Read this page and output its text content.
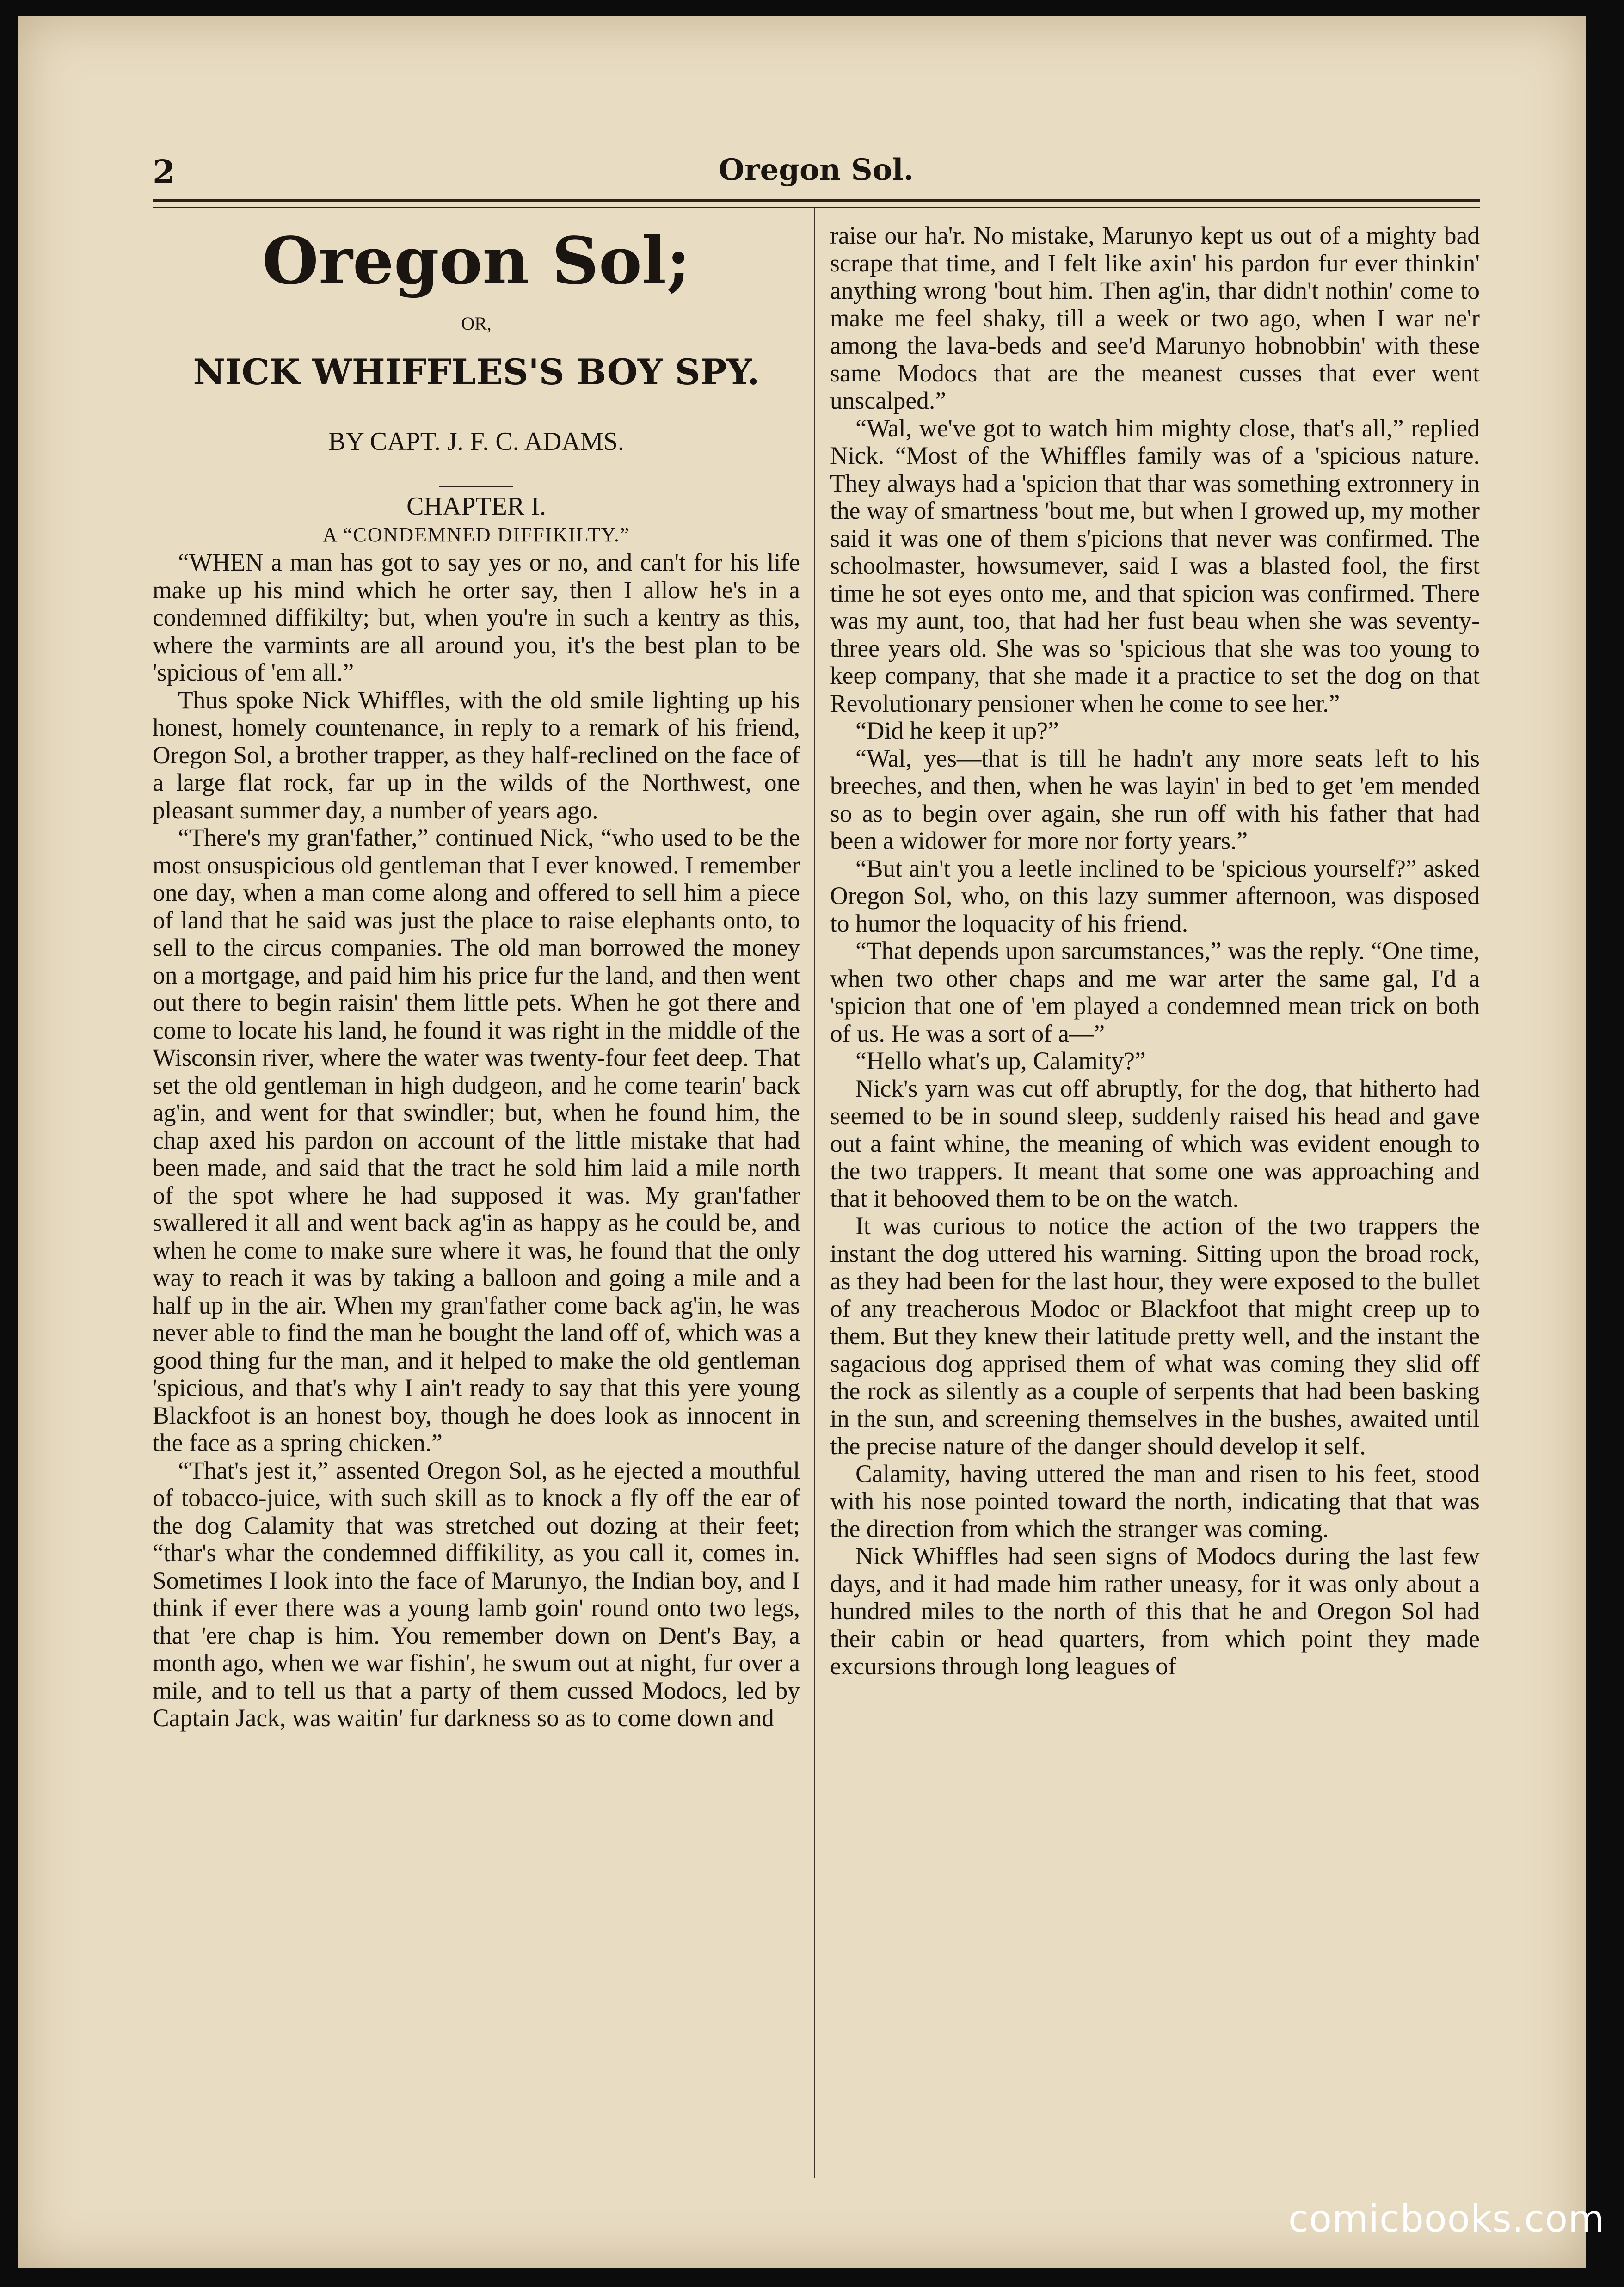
2	Oregon Sol.
Oregon Sol;
OR,
NICK WHIFFLES'S BOY SPY.
BY CAPT. J. F. C. ADAMS.
CHAPTER I.
A “CONDEMNED DIFFIKILTY.”

“WHEN a man has got to say yes or no, and can't for his life make up his mind which he orter say, then I allow he's in a condemned diffikilty; but, when you're in such a kentry as this, where the varmints are all around you, it's the best plan to be 'spicious of 'em all.”

Thus spoke Nick Whiffles, with the old smile lighting up his honest, homely countenance, in reply to a remark of his friend, Oregon Sol, a brother trapper, as they half-reclined on the face of a large flat rock, far up in the wilds of the Northwest, one pleasant summer day, a number of years ago.

“There's my gran'father,” continued Nick, “who used to be the most onsuspicious old gentleman that I ever knowed. I remember one day, when a man come along and offered to sell him a piece of land that he said was just the place to raise elephants onto, to sell to the circus companies. The old man borrowed the money on a mortgage, and paid him his price fur the land, and then went out there to begin raisin' them little pets. When he got there and come to locate his land, he found it was right in the middle of the Wisconsin river, where the water was twenty-four feet deep. That set the old gentleman in high dudgeon, and he come tearin' back ag'in, and went for that swindler; but, when he found him, the chap axed his pardon on account of the little mistake that had been made, and said that the tract he sold him laid a mile north of the spot where he had supposed it was. My gran'father swallered it all and went back ag'in as happy as he could be, and when he come to make sure where it was, he found that the only way to reach it was by taking a balloon and going a mile and a half up in the air. When my gran'father come back ag'in, he was never able to find the man he bought the land off of, which was a good thing fur the man, and it helped to make the old gentleman 'spicious, and that's why I ain't ready to say that this yere young Blackfoot is an honest boy, though he does look as innocent in the face as a spring chicken.”

“That's jest it,” assented Oregon Sol, as he ejected a mouthful of tobacco-juice, with such skill as to knock a fly off the ear of the dog Calamity that was stretched out dozing at their feet; “thar's whar the condemned diffikility, as you call it, comes in. Sometimes I look into the face of Marunyo, the Indian boy, and I think if ever there was a young lamb goin' round onto two legs, that 'ere chap is him. You remember down on Dent's Bay, a month ago, when we war fishin', he swum out at night, fur over a mile, and to tell us that a party of them cussed Modocs, led by Captain Jack, was waitin' fur darkness so as to come down and

raise our ha'r. No mistake, Marunyo kept us out of a mighty bad scrape that time, and I felt like axin' his pardon fur ever thinkin' anything wrong 'bout him. Then ag'in, thar didn't nothin' come to make me feel shaky, till a week or two ago, when I war ne'r among the lava-beds and see'd Marunyo hobnobbin' with these same Modocs that are the meanest cusses that ever went unscalped.”

“Wal, we've got to watch him mighty close, that's all,” replied Nick. “Most of the Whiffles family was of a 'spicious nature. They always had a 'spicion that thar was something extronnery in the way of smartness 'bout me, but when I growed up, my mother said it was one of them s'picions that never was confirmed. The schoolmaster, howsumever, said I was a blasted fool, the first time he sot eyes onto me, and that spicion was confirmed. There was my aunt, too, that had her fust beau when she was seventy-three years old. She was so 'spicious that she was too young to keep company, that she made it a practice to set the dog on that Revolutionary pensioner when he come to see her.”

“Did he keep it up?”

“Wal, yes—that is till he hadn't any more seats left to his breeches, and then, when he was layin' in bed to get 'em mended so as to begin over again, she run off with his father that had been a widower for more nor forty years.”

“But ain't you a leetle inclined to be 'spicious yourself?” asked Oregon Sol, who, on this lazy summer afternoon, was disposed to humor the loquacity of his friend.

“That depends upon sarcumstances,” was the reply. “One time, when two other chaps and me war arter the same gal, I'd a 'spicion that one of 'em played a condemned mean trick on both of us. He was a sort of a—”

“Hello what's up, Calamity?”

Nick's yarn was cut off abruptly, for the dog, that hitherto had seemed to be in sound sleep, suddenly raised his head and gave out a faint whine, the meaning of which was evident enough to the two trappers. It meant that some one was approaching and that it behooved them to be on the watch.

It was curious to notice the action of the two trappers the instant the dog uttered his warning. Sitting upon the broad rock, as they had been for the last hour, they were exposed to the bullet of any treacherous Modoc or Blackfoot that might creep up to them. But they knew their latitude pretty well, and the instant the sagacious dog apprised them of what was coming they slid off the rock as silently as a couple of serpents that had been basking in the sun, and screening themselves in the bushes, awaited until the precise nature of the danger should develop it self.

Calamity, having uttered the man and risen to his feet, stood with his nose pointed toward the north, indicating that that was the direction from which the stranger was coming.

Nick Whiffles had seen signs of Modocs during the last few days, and it had made him rather uneasy, for it was only about a hundred miles to the north of this that he and Oregon Sol had their cabin or head quarters, from which point they made excursions through long leagues of

comicbooks.com
